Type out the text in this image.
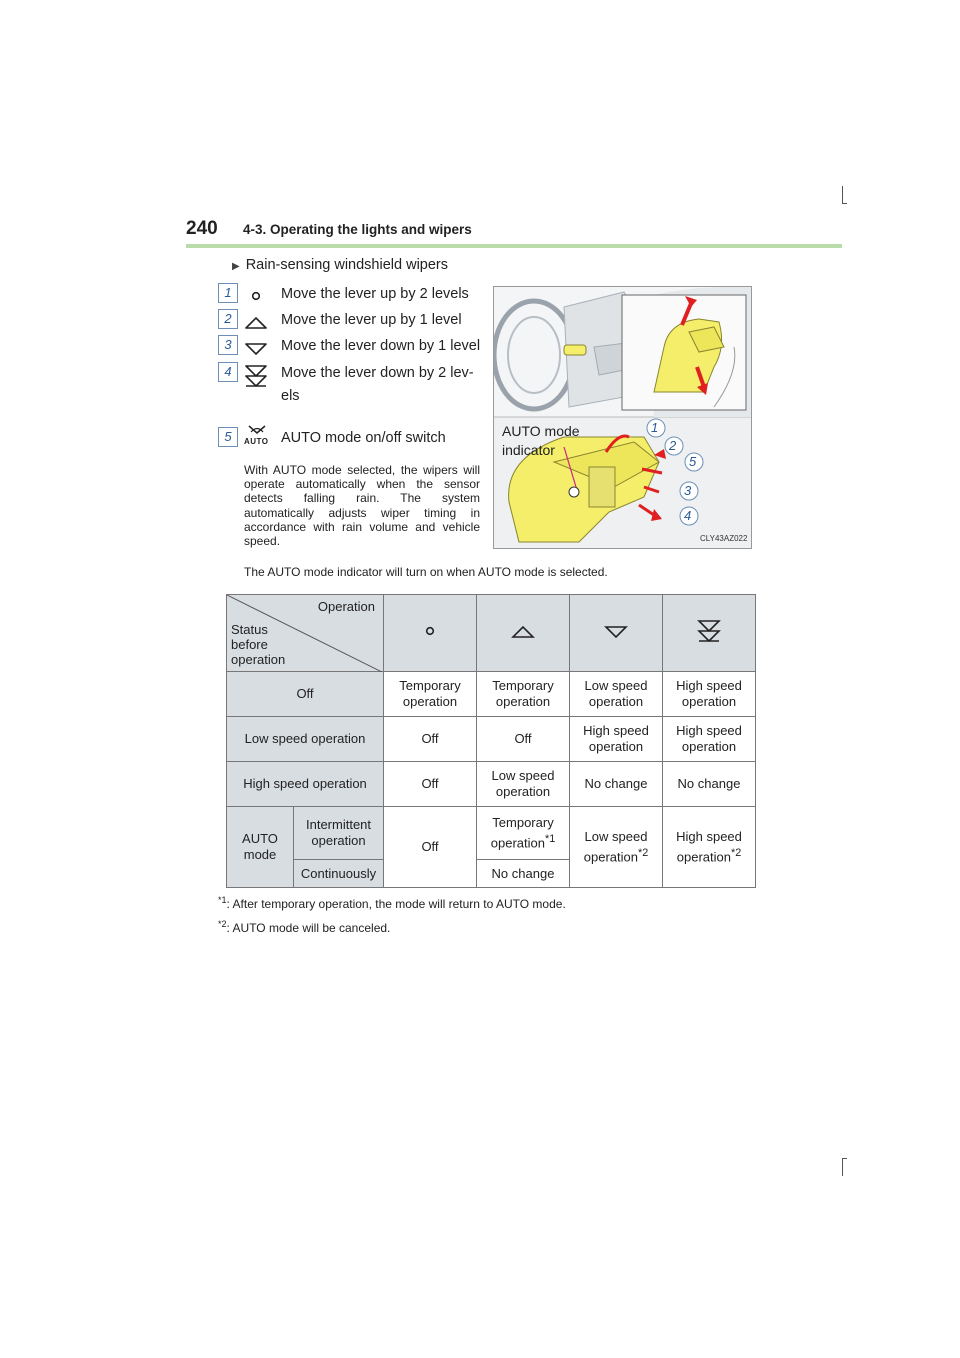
240 4-3. Operating the lights and wipers
▶ Rain-sensing windshield wipers
1	Move the lever up by 2 levels
2	Move the lever up by 1 level
3	Move the lever down by 1 level
4	Move the lever down by 2 lev-
els
5	AUTO AUTO mode on/off switch
With AUTO mode selected, the wipers will operate automatically when the sensor detects falling rain. The system automatically adjusts wiper timing in accordance with rain volume and vehicle speed.
The AUTO mode indicator will turn on when AUTO mode is selected.
AUTO mode
indicator
1
2
5
3
4
CLY43AZ022
Operation
Status
before
operation

Off		Temporary operation	Temporary operation	Low speed operation	High speed operation
Low speed operation		Off	Off	High speed operation	High speed operation
High speed operation		Off	Low speed operation	No change	No change
AUTO mode	Intermittent operation	Off	Temporary operation$^{*1}$	Low speed operation$^{*2}$	High speed operation$^{*2}$
	Continuously		No change		
$^{*1}$: After temporary operation, the mode will return to AUTO mode.
$^{*2}$: AUTO mode will be canceled.
